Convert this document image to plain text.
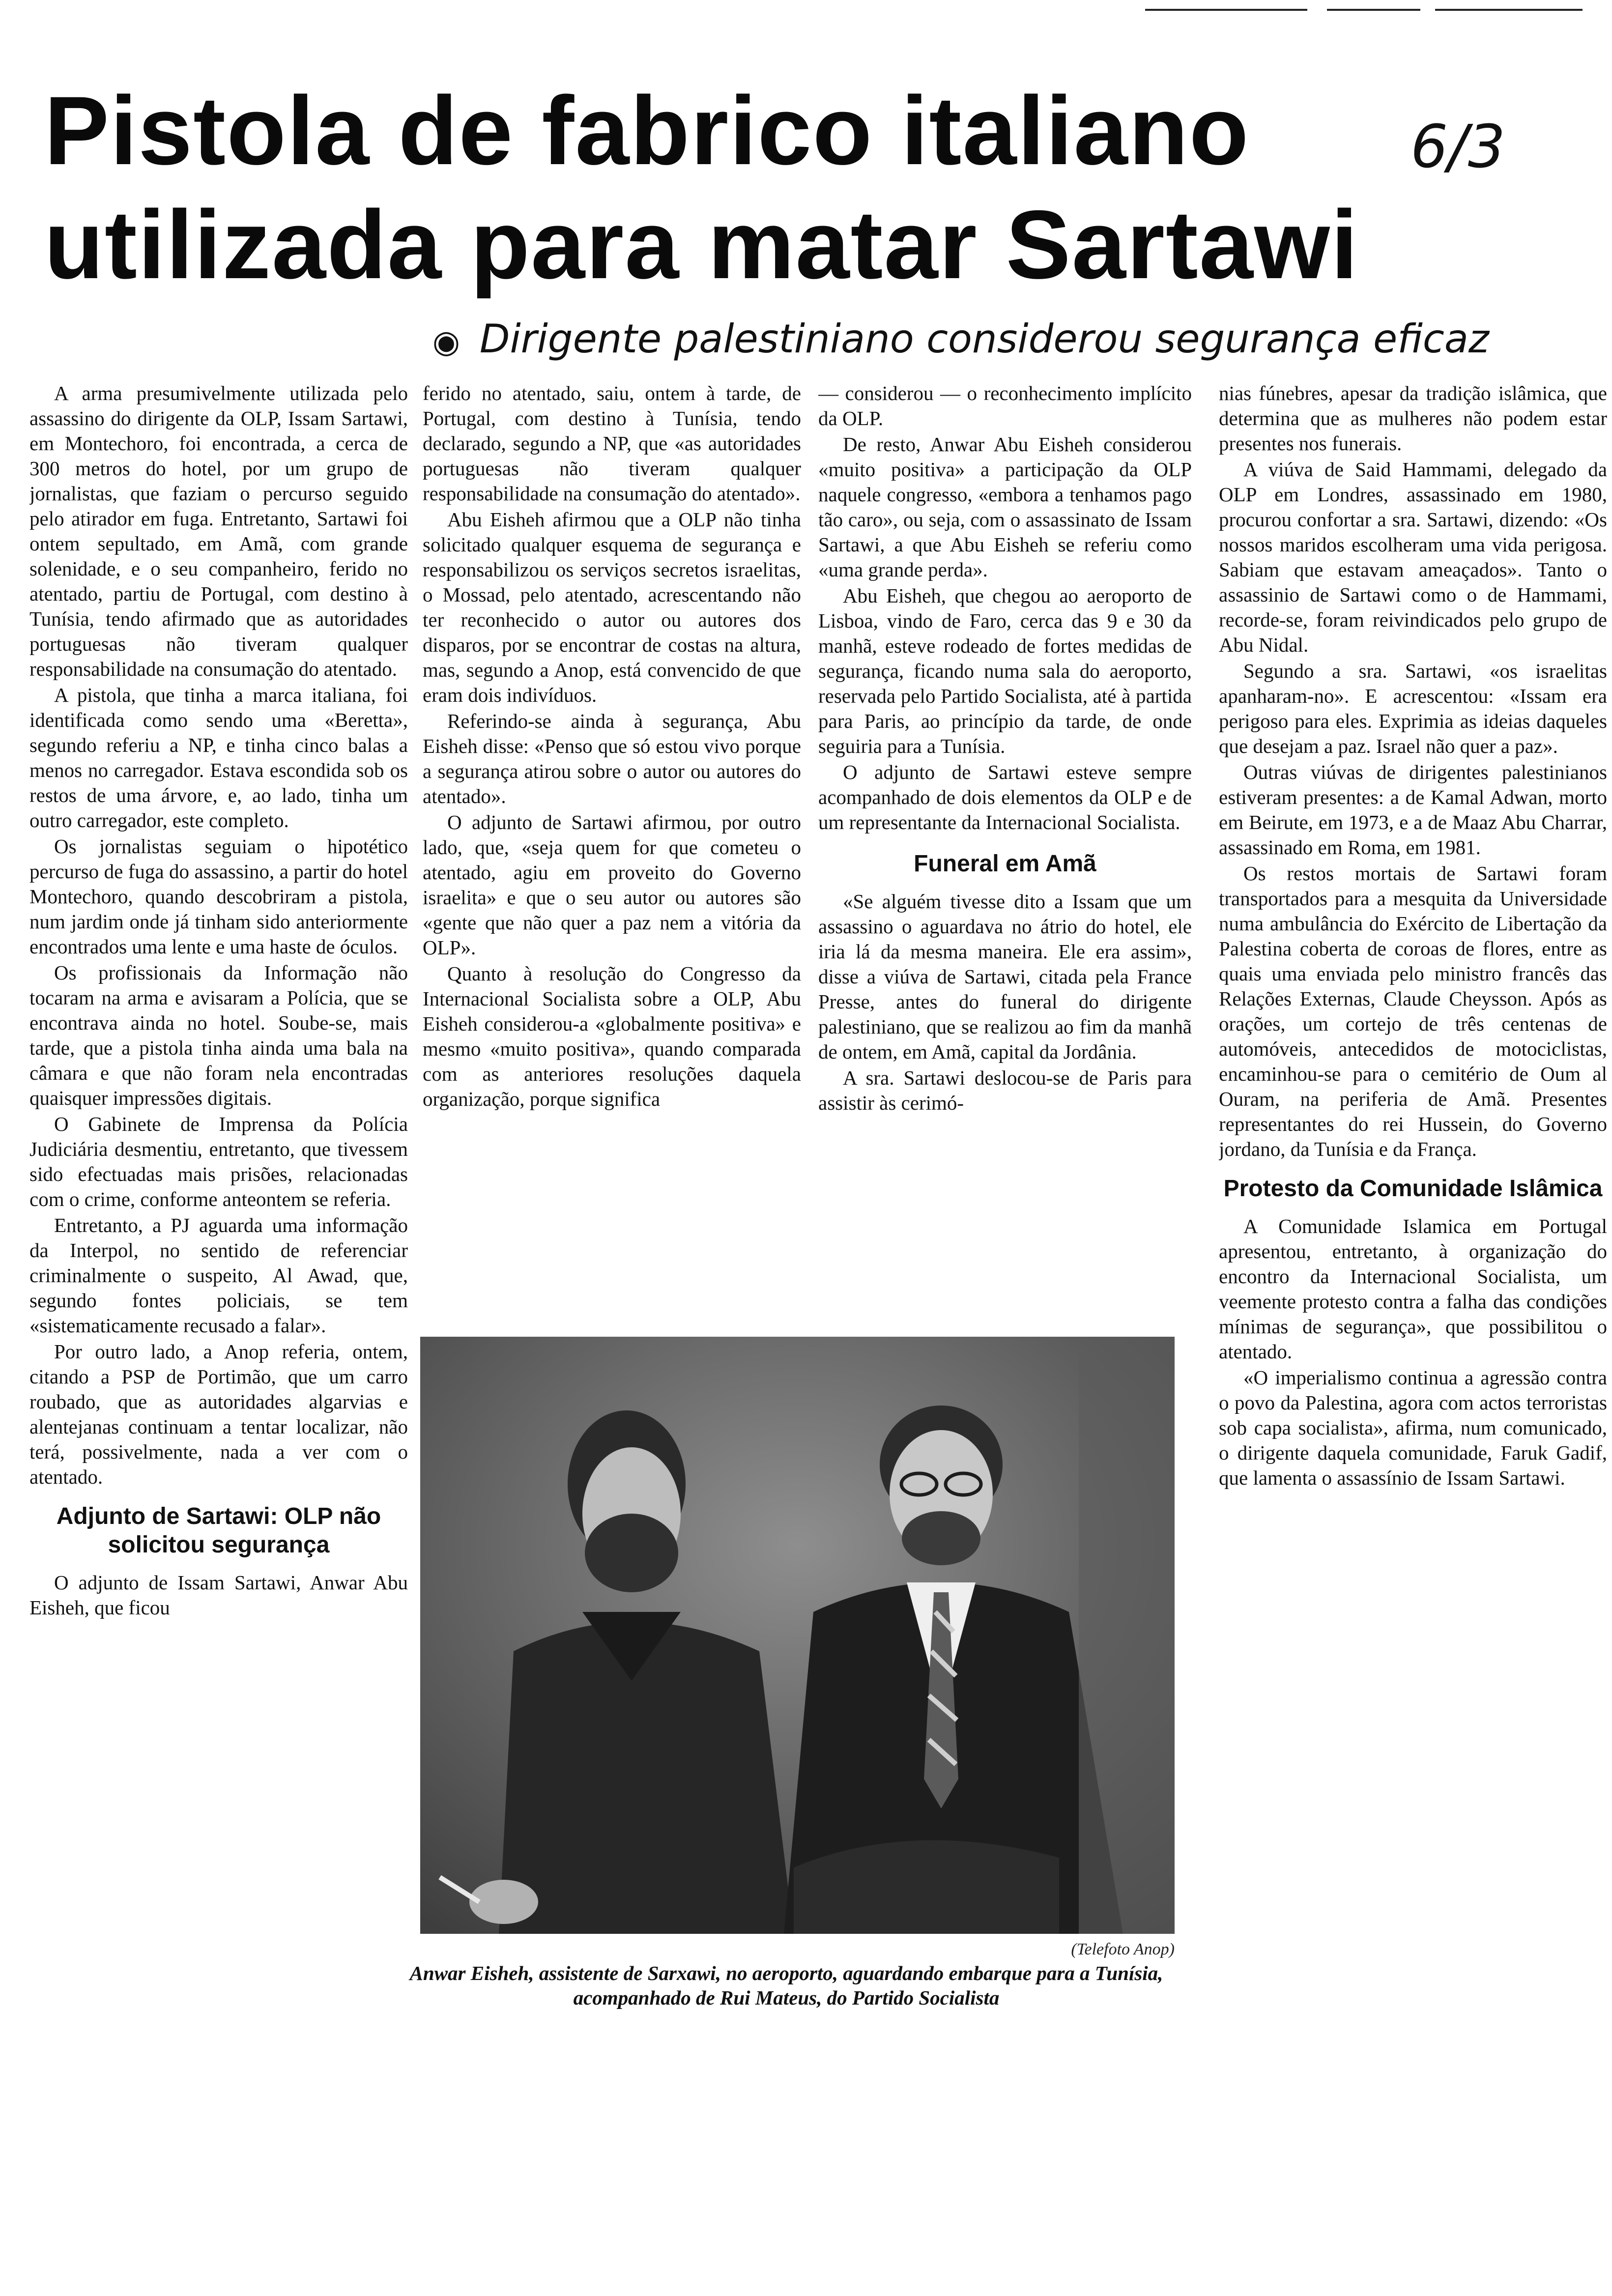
Pistola de fabrico italiano
utilizada para matar Sartawi
6/3
◉ Dirigente palestiniano considerou segurança eficaz

A arma presumivelmente utilizada pelo assassino do dirigente da OLP, Issam Sartawi, em Montechoro, foi encontrada, a cerca de 300 metros do hotel, por um grupo de jornalistas, que faziam o percurso seguido pelo atirador em fuga. Entretanto, Sartawi foi ontem sepultado, em Amã, com grande solenidade, e o seu companheiro, ferido no atentado, partiu de Portugal, com destino à Tunísia, tendo afirmado que as autoridades portuguesas não tiveram qualquer responsabilidade na consumação do atentado.

A pistola, que tinha a marca italiana, foi identificada como sendo uma «Beretta», segundo referiu a NP, e tinha cinco balas a menos no carregador. Estava escondida sob os restos de uma árvore, e, ao lado, tinha um outro carregador, este completo.

Os jornalistas seguiam o hipotético percurso de fuga do assassino, a partir do hotel Montechoro, quando descobriram a pistola, num jardim onde já tinham sido anteriormente encontrados uma lente e uma haste de óculos.

Os profissionais da Informação não tocaram na arma e avisaram a Polícia, que se encontrava ainda no hotel. Soube-se, mais tarde, que a pistola tinha ainda uma bala na câmara e que não foram nela encontradas quaisquer impressões digitais.

O Gabinete de Imprensa da Polícia Judiciária desmentiu, entretanto, que tivessem sido efectuadas mais prisões, relacionadas com o crime, conforme anteontem se referia.

Entretanto, a PJ aguarda uma informação da Interpol, no sentido de referenciar criminalmente o suspeito, Al Awad, que, segundo fontes policiais, se tem «sistematicamente recusado a falar».

Por outro lado, a Anop referia, ontem, citando a PSP de Portimão, que um carro roubado, que as autoridades algarvias e alentejanas continuam a tentar localizar, não terá, possivelmente, nada a ver com o atentado.

Adjunto de Sartawi: OLP não solicitou segurança

O adjunto de Issam Sartawi, Anwar Abu Eisheh, que ficou

ferido no atentado, saiu, ontem à tarde, de Portugal, com destino à Tunísia, tendo declarado, segundo a NP, que «as autoridades portuguesas não tiveram qualquer responsabilidade na consumação do atentado».

Abu Eisheh afirmou que a OLP não tinha solicitado qualquer esquema de segurança e responsabilizou os serviços secretos israelitas, o Mossad, pelo atentado, acrescentando não ter reconhecido o autor ou autores dos disparos, por se encontrar de costas na altura, mas, segundo a Anop, está convencido de que eram dois indivíduos.

Referindo-se ainda à segurança, Abu Eisheh disse: «Penso que só estou vivo porque a segurança atirou sobre o autor ou autores do atentado».

O adjunto de Sartawi afirmou, por outro lado, que, «seja quem for que cometeu o atentado, agiu em proveito do Governo israelita» e que o seu autor ou autores são «gente que não quer a paz nem a vitória da OLP».

Quanto à resolução do Congresso da Internacional Socialista sobre a OLP, Abu Eisheh considerou-a «globalmente positiva» e mesmo «muito positiva», quando comparada com as anteriores resoluções daquela organização, porque significa

— considerou — o reconhecimento implícito da OLP.

De resto, Anwar Abu Eisheh considerou «muito positiva» a participação da OLP naquele congresso, «embora a tenhamos pago tão caro», ou seja, com o assassinato de Issam Sartawi, a que Abu Eisheh se referiu como «uma grande perda».

Abu Eisheh, que chegou ao aeroporto de Lisboa, vindo de Faro, cerca das 9 e 30 da manhã, esteve rodeado de fortes medidas de segurança, ficando numa sala do aeroporto, reservada pelo Partido Socialista, até à partida para Paris, ao princípio da tarde, de onde seguiria para a Tunísia.

O adjunto de Sartawi esteve sempre acompanhado de dois elementos da OLP e de um representante da Internacional Socialista.

Funeral em Amã

«Se alguém tivesse dito a Issam que um assassino o aguardava no átrio do hotel, ele iria lá da mesma maneira. Ele era assim», disse a viúva de Sartawi, citada pela France Presse, antes do funeral do dirigente palestiniano, que se realizou ao fim da manhã de ontem, em Amã, capital da Jordânia.

A sra. Sartawi deslocou-se de Paris para assistir às cerimó-

nias fúnebres, apesar da tradição islâmica, que determina que as mulheres não podem estar presentes nos funerais.

A viúva de Said Hammami, delegado da OLP em Londres, assassinado em 1980, procurou confortar a sra. Sartawi, dizendo: «Os nossos maridos escolheram uma vida perigosa. Sabiam que estavam ameaçados». Tanto o assassinio de Sartawi como o de Hammami, recorde-se, foram reivindicados pelo grupo de Abu Nidal.

Segundo a sra. Sartawi, «os israelitas apanharam-no». E acrescentou: «Issam era perigoso para eles. Exprimia as ideias daqueles que desejam a paz. Israel não quer a paz».

Outras viúvas de dirigentes palestinianos estiveram presentes: a de Kamal Adwan, morto em Beirute, em 1973, e a de Maaz Abu Charrar, assassinado em Roma, em 1981.

Os restos mortais de Sartawi foram transportados para a mesquita da Universidade numa ambulância do Exército de Libertação da Palestina coberta de coroas de flores, entre as quais uma enviada pelo ministro francês das Relações Externas, Claude Cheysson. Após as orações, um cortejo de três centenas de automóveis, antecedidos de motociclistas, encaminhou-se para o cemitério de Oum al Ouram, na periferia de Amã. Presentes representantes do rei Hussein, do Governo jordano, da Tunísia e da França.

Protesto da Comunidade Islâmica

A Comunidade Islamica em Portugal apresentou, entretanto, à organização do encontro da Internacional Socialista, um veemente protesto contra a falha das condições mínimas de segurança», que possibilitou o atentado.

«O imperialismo continua a agressão contra o povo da Palestina, agora com actos terroristas sob capa socialista», afirma, num comunicado, o dirigente daquela comunidade, Faruk Gadif, que lamenta o assassínio de Issam Sartawi.

(Telefoto Anop)
Anwar Eisheh, assistente de Sarxawi, no aeroporto, aguardando embarque para a Tunísia, acompanhado de Rui Mateus, do Partido Socialista
